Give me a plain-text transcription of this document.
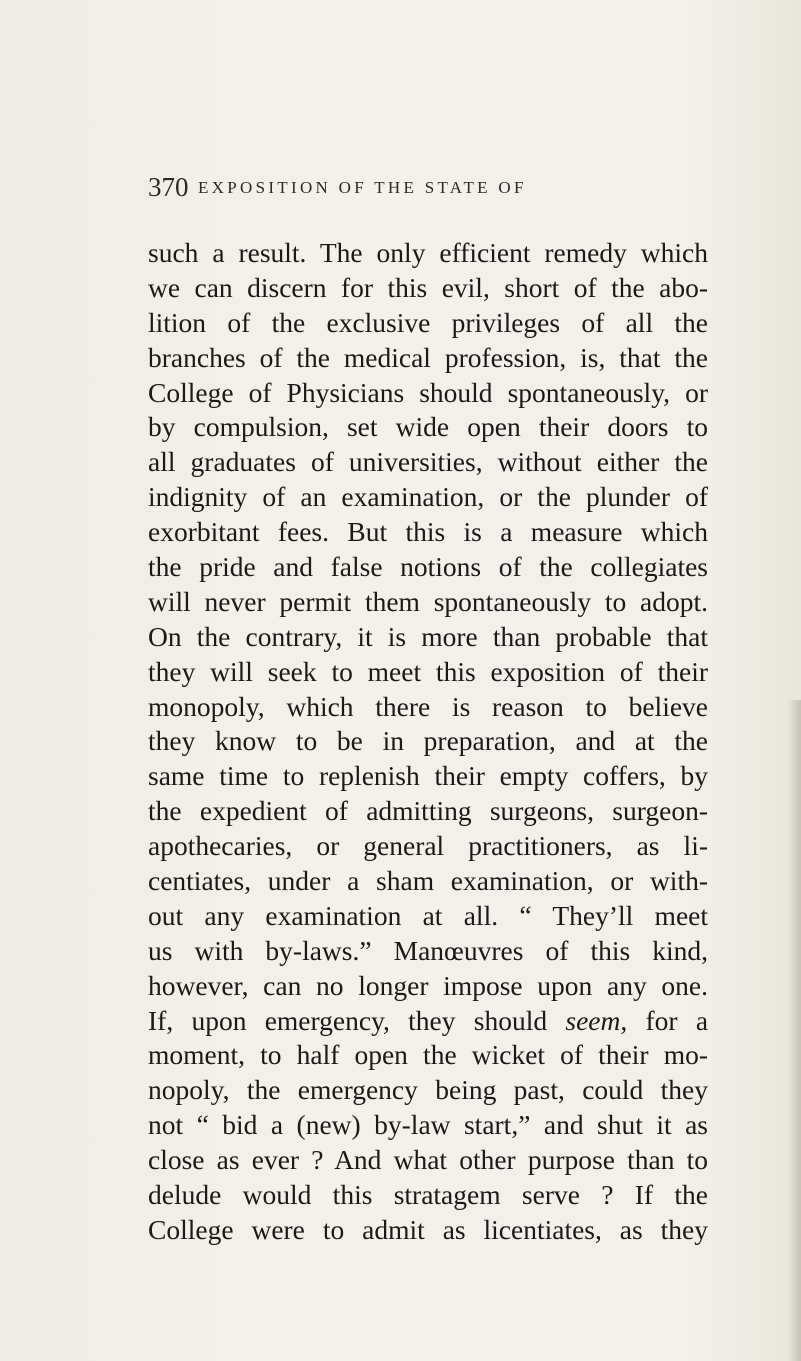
370 EXPOSITION OF THE STATE OF
such a result. The only efficient remedy which
we can discern for this evil, short of the abo-
lition of the exclusive privileges of all the
branches of the medical profession, is, that the
College of Physicians should spontaneously, or
by compulsion, set wide open their doors to
all graduates of universities, without either the
indignity of an examination, or the plunder of
exorbitant fees. But this is a measure which
the pride and false notions of the collegiates
will never permit them spontaneously to adopt.
On the contrary, it is more than probable that
they will seek to meet this exposition of their
monopoly, which there is reason to believe
they know to be in preparation, and at the
same time to replenish their empty coffers, by
the expedient of admitting surgeons, surgeon-
apothecaries, or general practitioners, as li-
centiates, under a sham examination, or with-
out any examination at all. “ They’ll meet
us with by-laws.” Manœuvres of this kind,
however, can no longer impose upon any one.
If, upon emergency, they should seem, for a
moment, to half open the wicket of their mo-
nopoly, the emergency being past, could they
not “ bid a (new) by-law start,” and shut it as
close as ever ? And what other purpose than to
delude would this stratagem serve ? If the
College were to admit as licentiates, as they
